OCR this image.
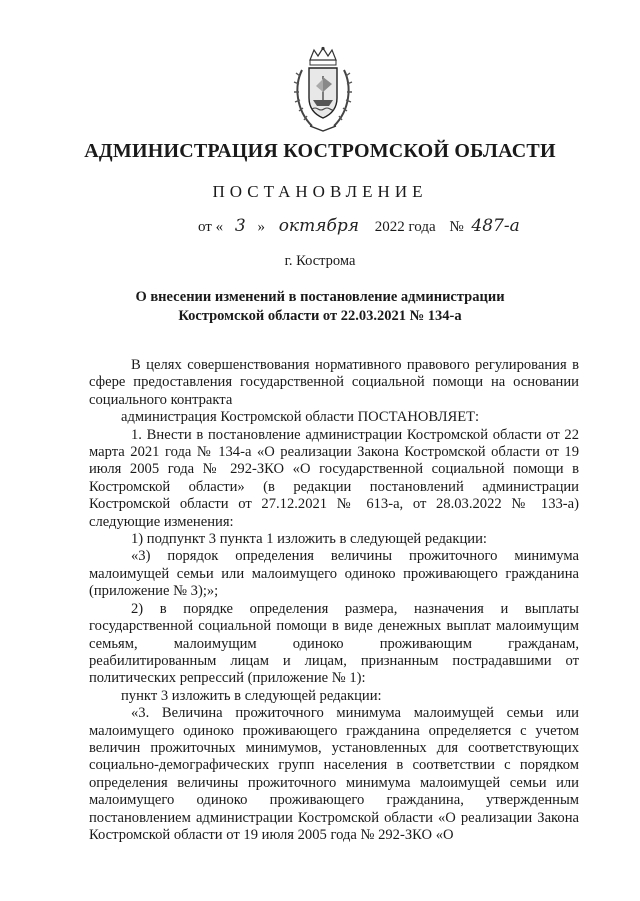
АДМИНИСТРАЦИЯ КОСТРОМСКОЙ ОБЛАСТИ
ПОСТАНОВЛЕНИЕ
от « 3 » октября 2022 года № 487-а
г. Кострома
О внесении изменений в постановление администрации
Костромской области от 22.03.2021 № 134-а

В целях совершенствования нормативного правового регулирования в сфере предоставления государственной социальной помощи на основании социального контракта

администрация Костромской области ПОСТАНОВЛЯЕТ:

1. Внести в постановление администрации Костромской области от 22 марта 2021 года № 134-а «О реализации Закона Костромской области от 19 июля 2005 года № 292-ЗКО «О государственной социальной помощи в Костромской области» (в редакции постановлений администрации Костромской области от 27.12.2021 № 613-а, от 28.03.2022 № 133-а) следующие изменения:

1) подпункт 3 пункта 1 изложить в следующей редакции:

«3) порядок определения величины прожиточного минимума малоимущей семьи или малоимущего одиноко проживающего гражданина (приложение № 3);»;

2) в порядке определения размера, назначения и выплаты государственной социальной помощи в виде денежных выплат малоимущим семьям, малоимущим одиноко проживающим гражданам, реабилитированным лицам и лицам, признанным пострадавшими от политических репрессий (приложение № 1):

пункт 3 изложить в следующей редакции:

«3. Величина прожиточного минимума малоимущей семьи или малоимущего одиноко проживающего гражданина определяется с учетом величин прожиточных минимумов, установленных для соответствующих социально-демографических групп населения в соответствии с порядком определения величины прожиточного минимума малоимущей семьи или малоимущего одиноко проживающего гражданина, утвержденным постановлением администрации Костромской области «О реализации Закона Костромской области от 19 июля 2005 года № 292-ЗКО «О
